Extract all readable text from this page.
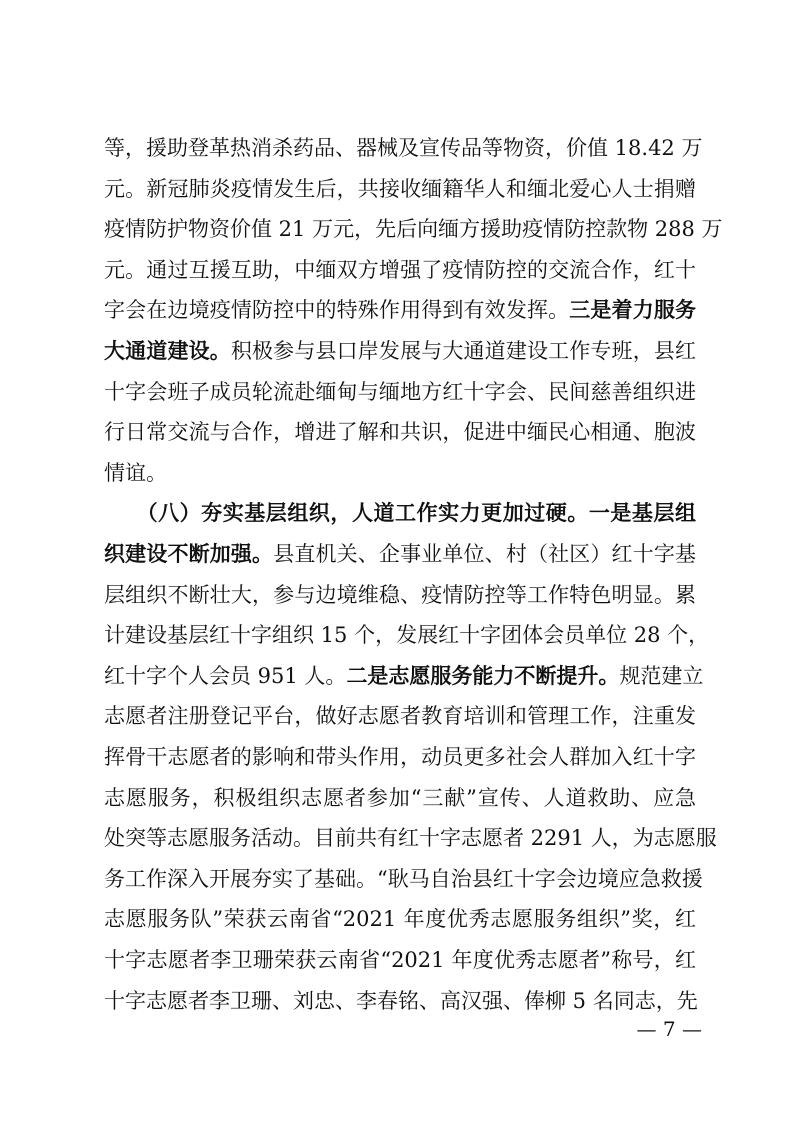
等，援助登革热消杀药品、器械及宣传品等物资，价值 18.42 万
元。新冠肺炎疫情发生后，共接收缅籍华人和缅北爱心人士捐赠
疫情防护物资价值 21 万元，先后向缅方援助疫情防控款物 288 万
元。通过互援互助，中缅双方增强了疫情防控的交流合作，红十
字会在边境疫情防控中的特殊作用得到有效发挥。三是着力服务
大通道建设。积极参与县口岸发展与大通道建设工作专班，县红
十字会班子成员轮流赴缅甸与缅地方红十字会、民间慈善组织进
行日常交流与合作，增进了解和共识，促进中缅民心相通、胞波
情谊。
　　（八）夯实基层组织，人道工作实力更加过硬。一是基层组
织建设不断加强。县直机关、企事业单位、村（社区）红十字基
层组织不断壮大，参与边境维稳、疫情防控等工作特色明显。累
计建设基层红十字组织 15 个，发展红十字团体会员单位 28 个，
红十字个人会员 951 人。二是志愿服务能力不断提升。规范建立
志愿者注册登记平台，做好志愿者教育培训和管理工作，注重发
挥骨干志愿者的影响和带头作用，动员更多社会人群加入红十字
志愿服务，积极组织志愿者参加“三献”宣传、人道救助、应急
处突等志愿服务活动。目前共有红十字志愿者 2291 人，为志愿服
务工作深入开展夯实了基础。“耿马自治县红十字会边境应急救援
志愿服务队”荣获云南省“2021 年度优秀志愿服务组织”奖，红
十字志愿者李卫珊荣获云南省“2021 年度优秀志愿者”称号，红
十字志愿者李卫珊、刘忠、李春铭、高汉强、俸柳 5 名同志，先
— 7 —
